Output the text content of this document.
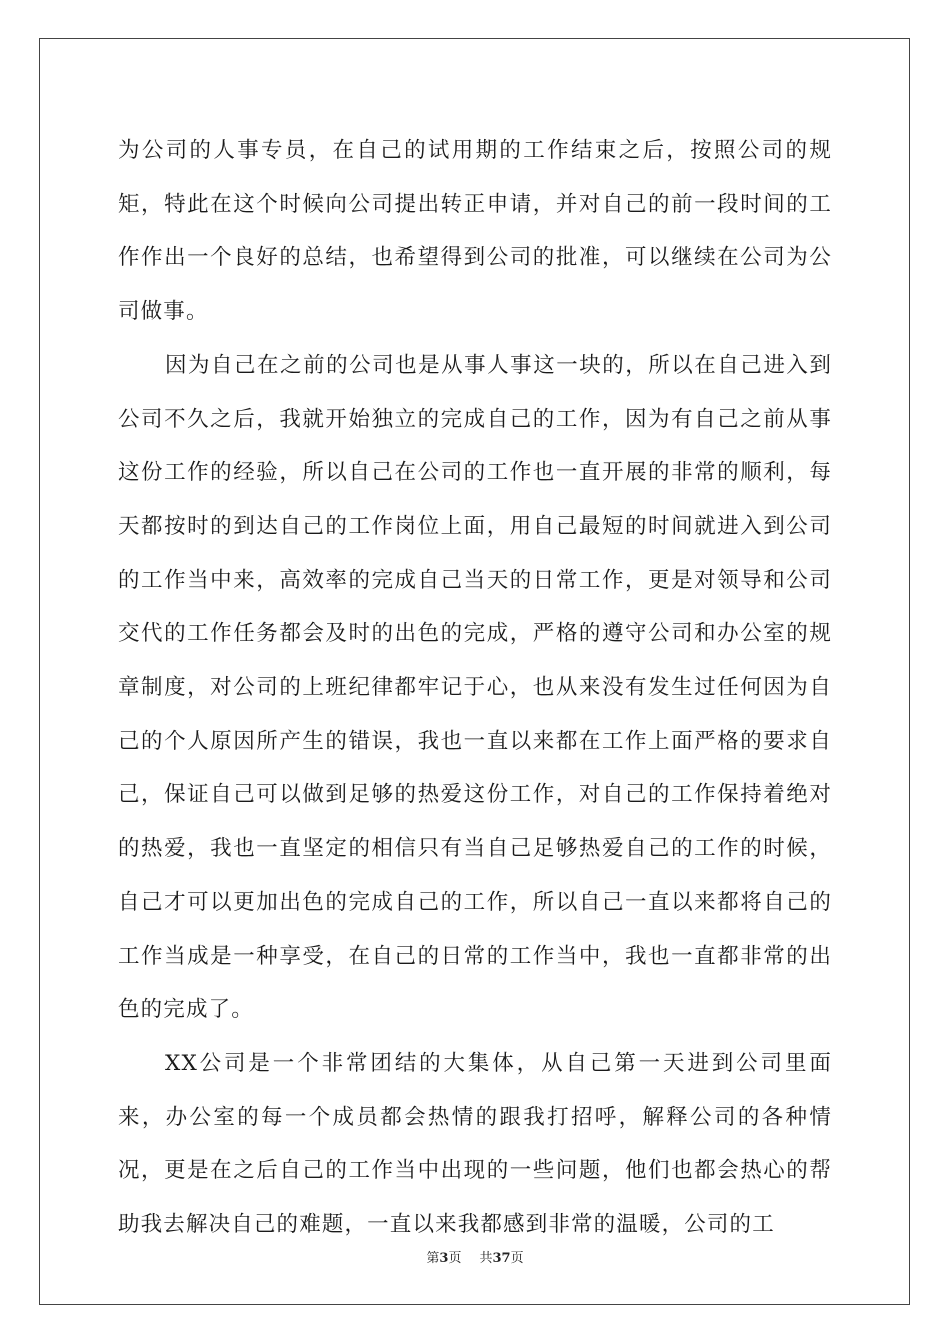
为公司的人事专员，在自己的试用期的工作结束之后，按照公司的规矩，特此在这个时候向公司提出转正申请，并对自己的前一段时间的工作作出一个良好的总结，也希望得到公司的批准，可以继续在公司为公司做事。

因为自己在之前的公司也是从事人事这一块的，所以在自己进入到公司不久之后，我就开始独立的完成自己的工作，因为有自己之前从事这份工作的经验，所以自己在公司的工作也一直开展的非常的顺利，每天都按时的到达自己的工作岗位上面，用自己最短的时间就进入到公司的工作当中来，高效率的完成自己当天的日常工作，更是对领导和公司交代的工作任务都会及时的出色的完成，严格的遵守公司和办公室的规章制度，对公司的上班纪律都牢记于心，也从来没有发生过任何因为自己的个人原因所产生的错误，我也一直以来都在工作上面严格的要求自己，保证自己可以做到足够的热爱这份工作，对自己的工作保持着绝对的热爱，我也一直坚定的相信只有当自己足够热爱自己的工作的时候，自己才可以更加出色的完成自己的工作，所以自己一直以来都将自己的工作当成是一种享受，在自己的日常的工作当中，我也一直都非常的出色的完成了。

XX公司是一个非常团结的大集体，从自己第一天进到公司里面来，办公室的每一个成员都会热情的跟我打招呼，解释公司的各种情况，更是在之后自己的工作当中出现的一些问题，他们也都会热心的帮助我去解决自己的难题，一直以来我都感到非常的温暖，公司的工

第3页 共37页
